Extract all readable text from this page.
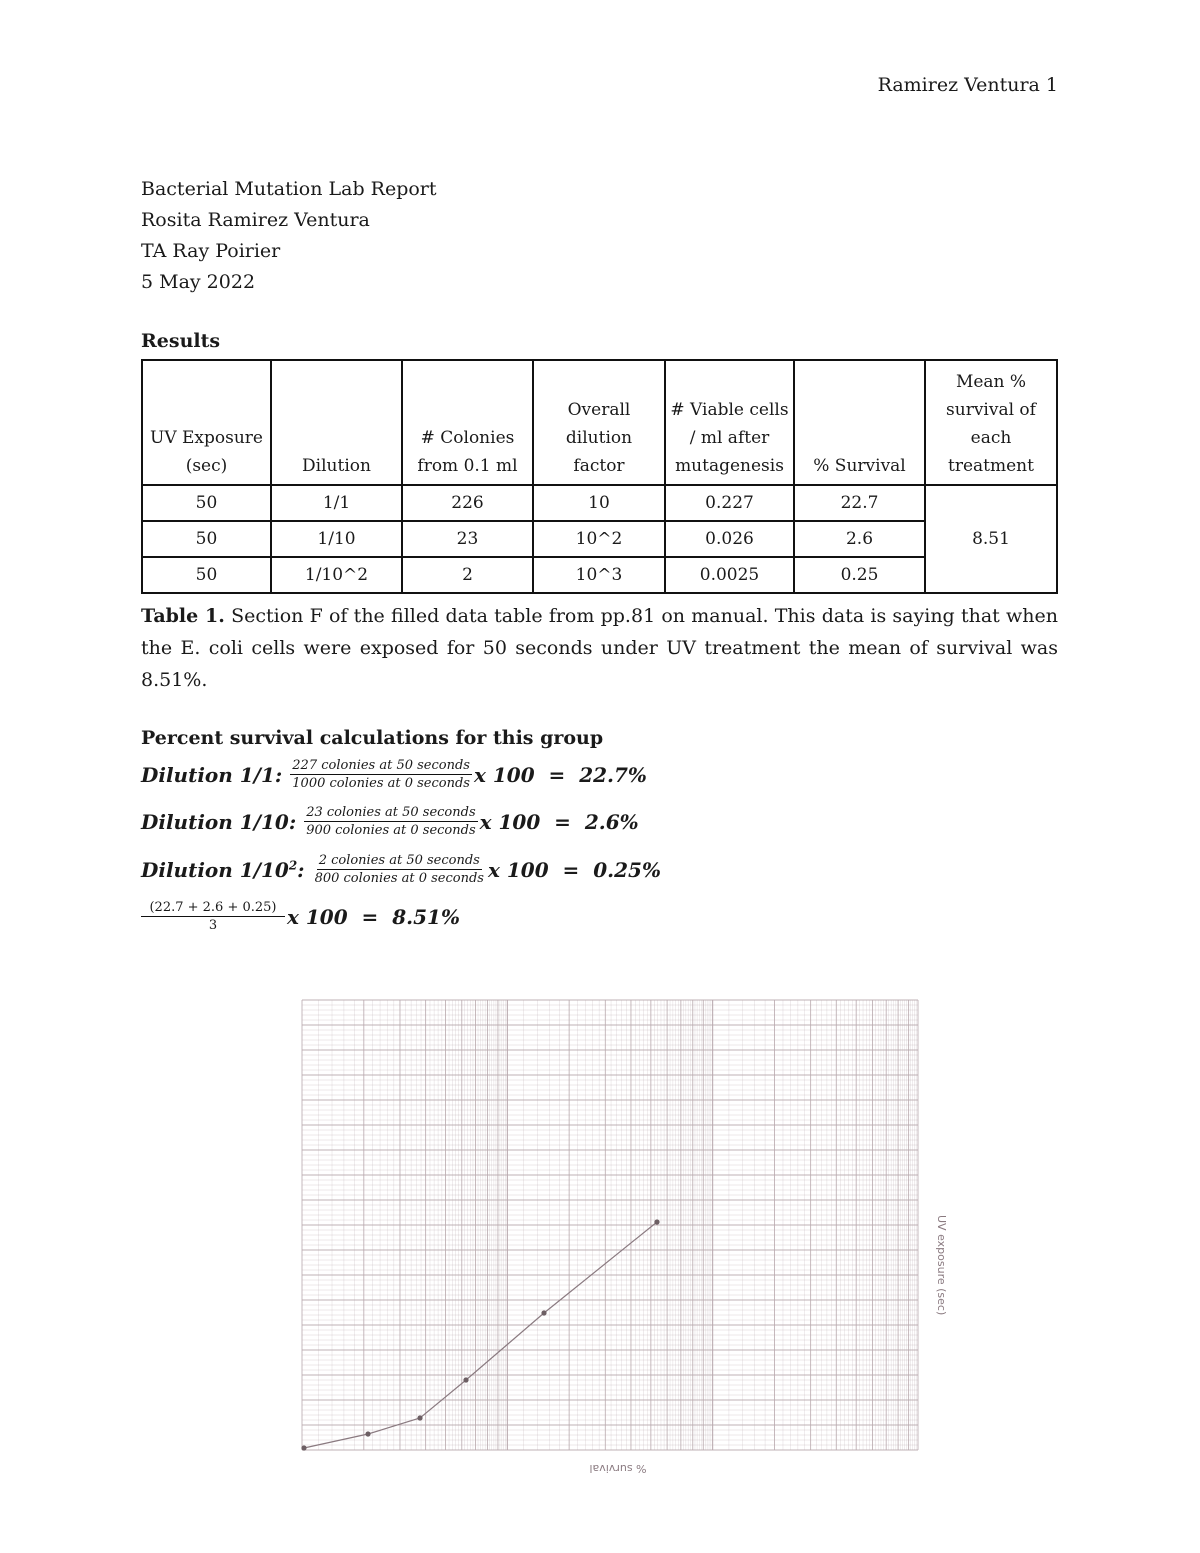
Ramirez Ventura 1
Bacterial Mutation Lab Report
Rosita Ramirez Ventura
TA Ray Poirier
5 May 2022
Results
UV Exposure (sec)	Dilution	# Colonies from 0.1 ml	Overall dilution factor	# Viable cells / ml after mutagenesis	% Survival	Mean % survival of each treatment
50	1/1	226	10	0.227	22.7	8.51
50	1/10	23	10^2	0.026	2.6	
50	1/10^2	2	10^3	0.0025	0.25	
Table 1. Section F of the filled data table from pp.81 on manual. This data is saying that when the E. coli cells were exposed for 50 seconds under UV treatment the mean of survival was 8.51%.
Percent survival calculations for this group
Dilution 1/1: $\frac{\text{227 colonies at 50 seconds}}{\text{1000 colonies at 0 seconds}}$ x 100  =  22.7%
Dilution 1/10: $\frac{\text{23 colonies at 50 seconds}}{\text{900 colonies at 0 seconds}}$ x 100  =  2.6%
Dilution $1/10^2$: $\frac{\text{2 colonies at 50 seconds}}{\text{800 colonies at 0 seconds}}$ x 100  =  0.25%
$\frac{(22.7 + 2.6 + 0.25)}{3}$ x 100  =  8.51%
UV exposure (sec)
% survival
